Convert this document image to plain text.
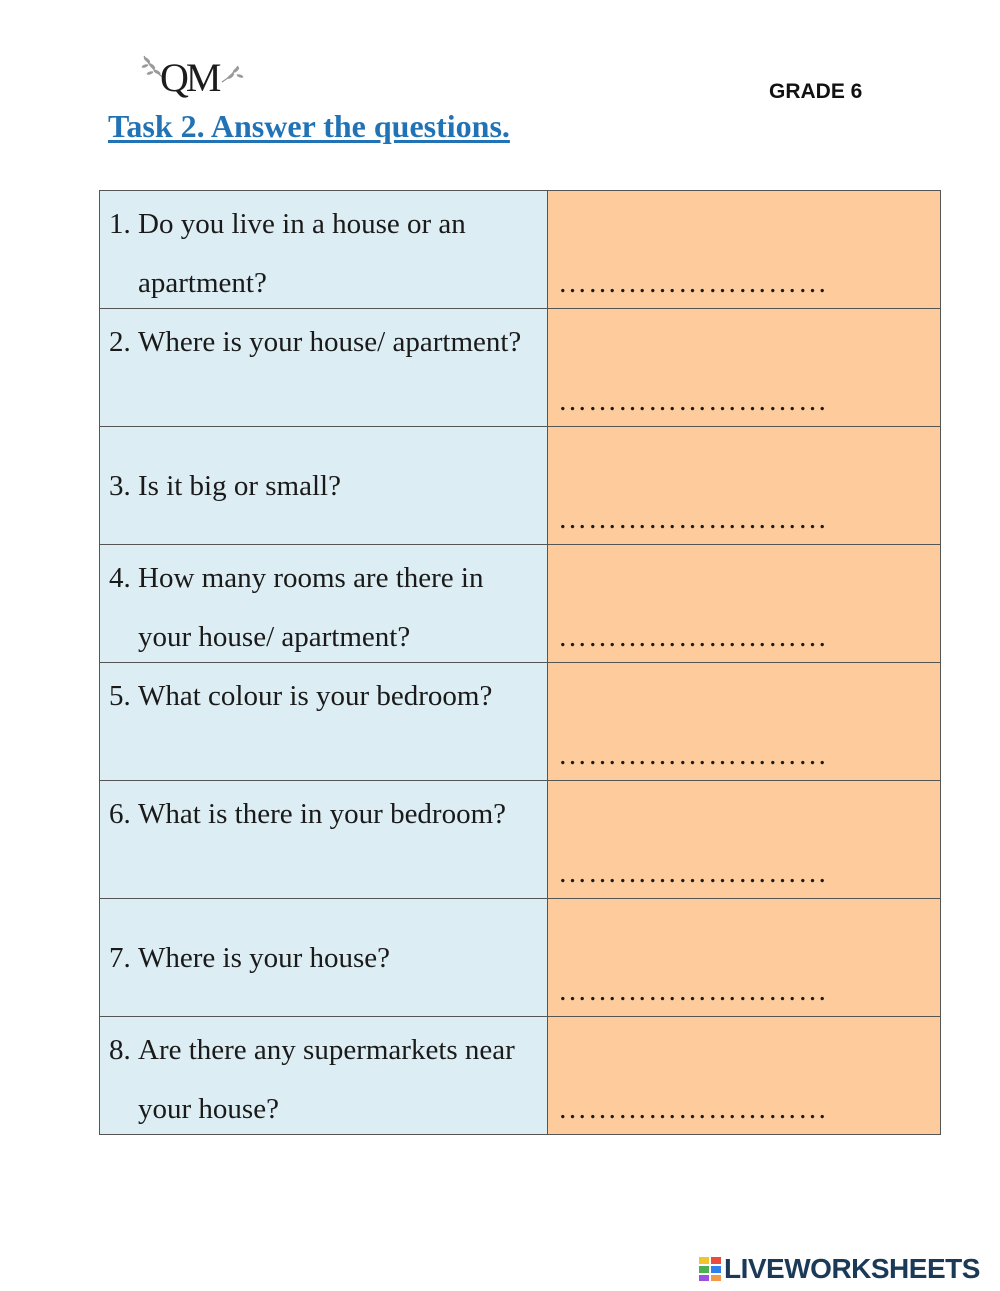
QM	GRADE 6
Task 2. Answer the questions.
1. Do you live in a house or an apartment?	………………………

2. Where is your house/ apartment?	………………………

3. Is it big or small?	………………………

4. How many rooms are there in your house/ apartment?	………………………

5. What colour is your bedroom?	………………………

6. What is there in your bedroom?	………………………

7. Where is your house?	………………………

8. Are there any supermarkets near your house?	………………………
LIVEWORKSHEETS
